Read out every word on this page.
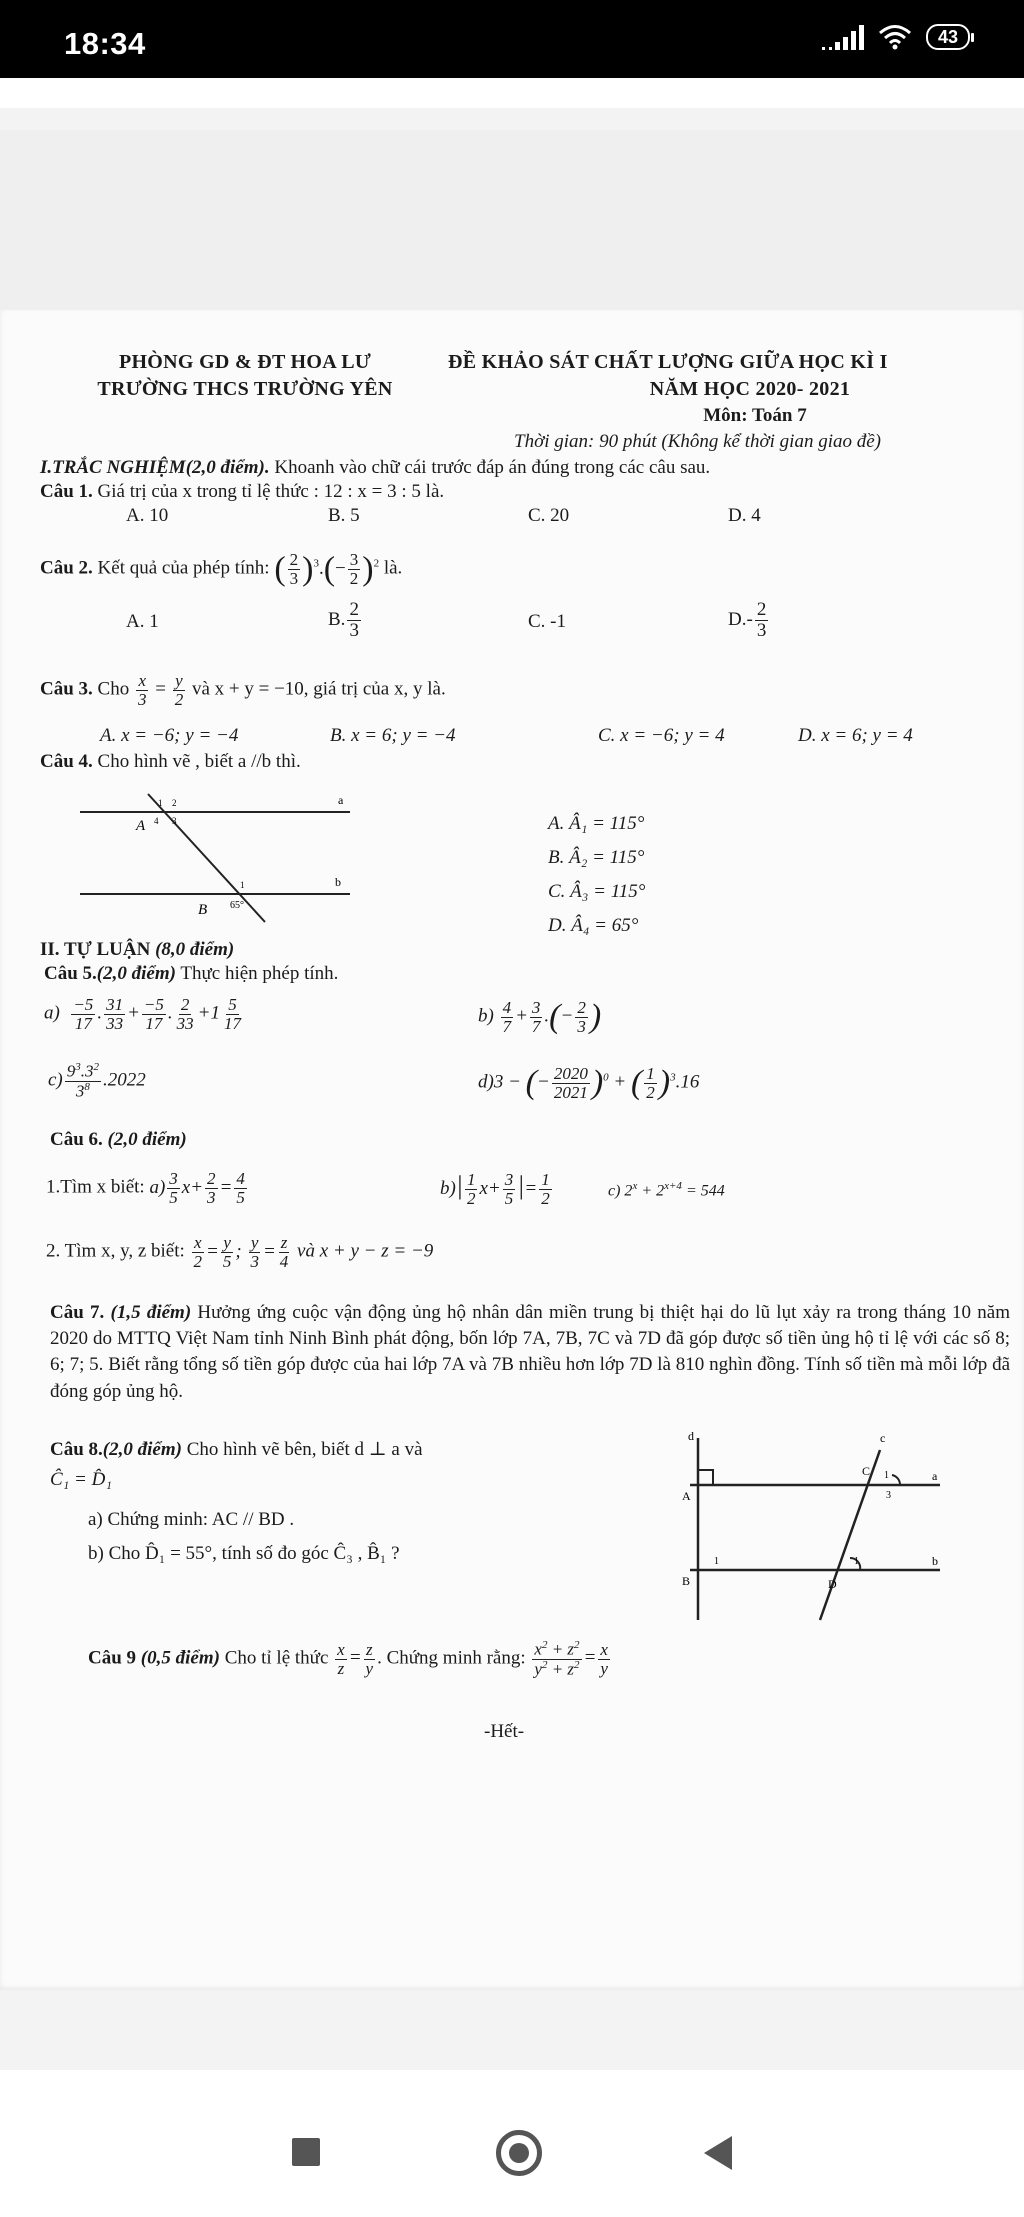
18:34	43
PHÒNG GD & ĐT HOA LƯ
TRƯỜNG THCS TRƯỜNG YÊN
ĐỀ KHẢO SÁT CHẤT LƯỢNG GIỮA HỌC KÌ I
NĂM HỌC 2020- 2021
Môn: Toán 7
Thời gian: 90 phút (Không kể thời gian giao đề)
I.TRẮC NGHIỆM(2,0 điểm). Khoanh vào chữ cái trước đáp án đúng trong các câu sau.
Câu 1. Giá trị của x trong tỉ lệ thức : 12 : x = 3 : 5 là.
A. 10	B. 5	C. 20	D. 4
Câu 2. Kết quả của phép tính: ( $\frac{2}{3} )^3.(- \frac{3}{2} )^2$ là.
A. 1	B. $\frac{2}{3}$	C. -1	$D.- \frac{2}{3}$
Câu 3. Cho $\frac{x}{3} = \frac{y}{2}$ và x + y = −10, giá trị của x, y là.
A. x = −6; y = −4	B. x = 6; y = −4	C. x = −6; y = 4	D. x = 6; y = 4
Câu 4. Cho hình vẽ , biết a //b thì.
a
b
A
B 65°
1 2
4 3
1
A. Â₁ = 115°
B. Â₂ = 115°
C. Â₃ = 115°
D. Â₄ = 65°
II. TỰ LUẬN (8,0 điểm)
Câu 5.(2,0 điểm) Thực hiện phép tính.
$a) \frac{-5}{17}$ . $\frac{31}{33} + \frac{-5}{17}$ . $\frac{2}{33} +1 \frac{5}{17}$	$b) \frac{4}{7} + \frac{3}{7}$ .(− $\frac{2}{3}$ )
$c) \frac{9^3.3^2}{3^8} .2022$	d)3 − (− $\frac{2020}{2021} )^0$ + ( $\frac{1}{2} )^3.16$
Câu 6. (2,0 điểm)
1.Tìm x biết: $a) \frac{3}{5} x+ \frac{2}{3} = \frac{4}{5}$	$b)| \frac{1}{2} x+ \frac{3}{5}$ |= $\frac{1}{2}$	c) $2^x + 2^{x+4} = 544$
2. Tìm x, y, z biết: $\frac{x}{2} = \frac{y}{5}$ ; $\frac{y}{3} = \frac{z}{4}$ và x + y − z = −9
Câu 7. (1,5 điểm) Hưởng ứng cuộc vận động ủng hộ nhân dân miền trung bị thiệt hại do lũ lụt xảy ra trong tháng 10 năm 2020 do MTTQ Việt Nam tỉnh Ninh Bình phát động, bốn lớp 7A, 7B, 7C và 7D đã góp được số tiền ủng hộ tỉ lệ với các số 8; 6; 7; 5. Biết rằng tổng số tiền góp được của hai lớp 7A và 7B nhiều hơn lớp 7D là 810 nghìn đồng. Tính số tiền mà mỗi lớp đã đóng góp ủng hộ.
Câu 8.(2,0 điểm) Cho hình vẽ bên, biết d ⊥ a và
Ĉ₁ = D̂₁
a) Chứng minh: AC // BD .
b) Cho D̂₁ = 55°, tính số đo góc Ĉ₃ , B̂₁ ?
d	c
a
b
A
B
C
D
1
3
1	1
Câu 9 (0,5 điểm) Cho tỉ lệ thức $\frac{x}{z} = \frac{z}{y}$ . Chứng minh rằng: $\frac{x^2 + z^2}{y^2 + z^2} = \frac{x}{y}$
-Hết-
